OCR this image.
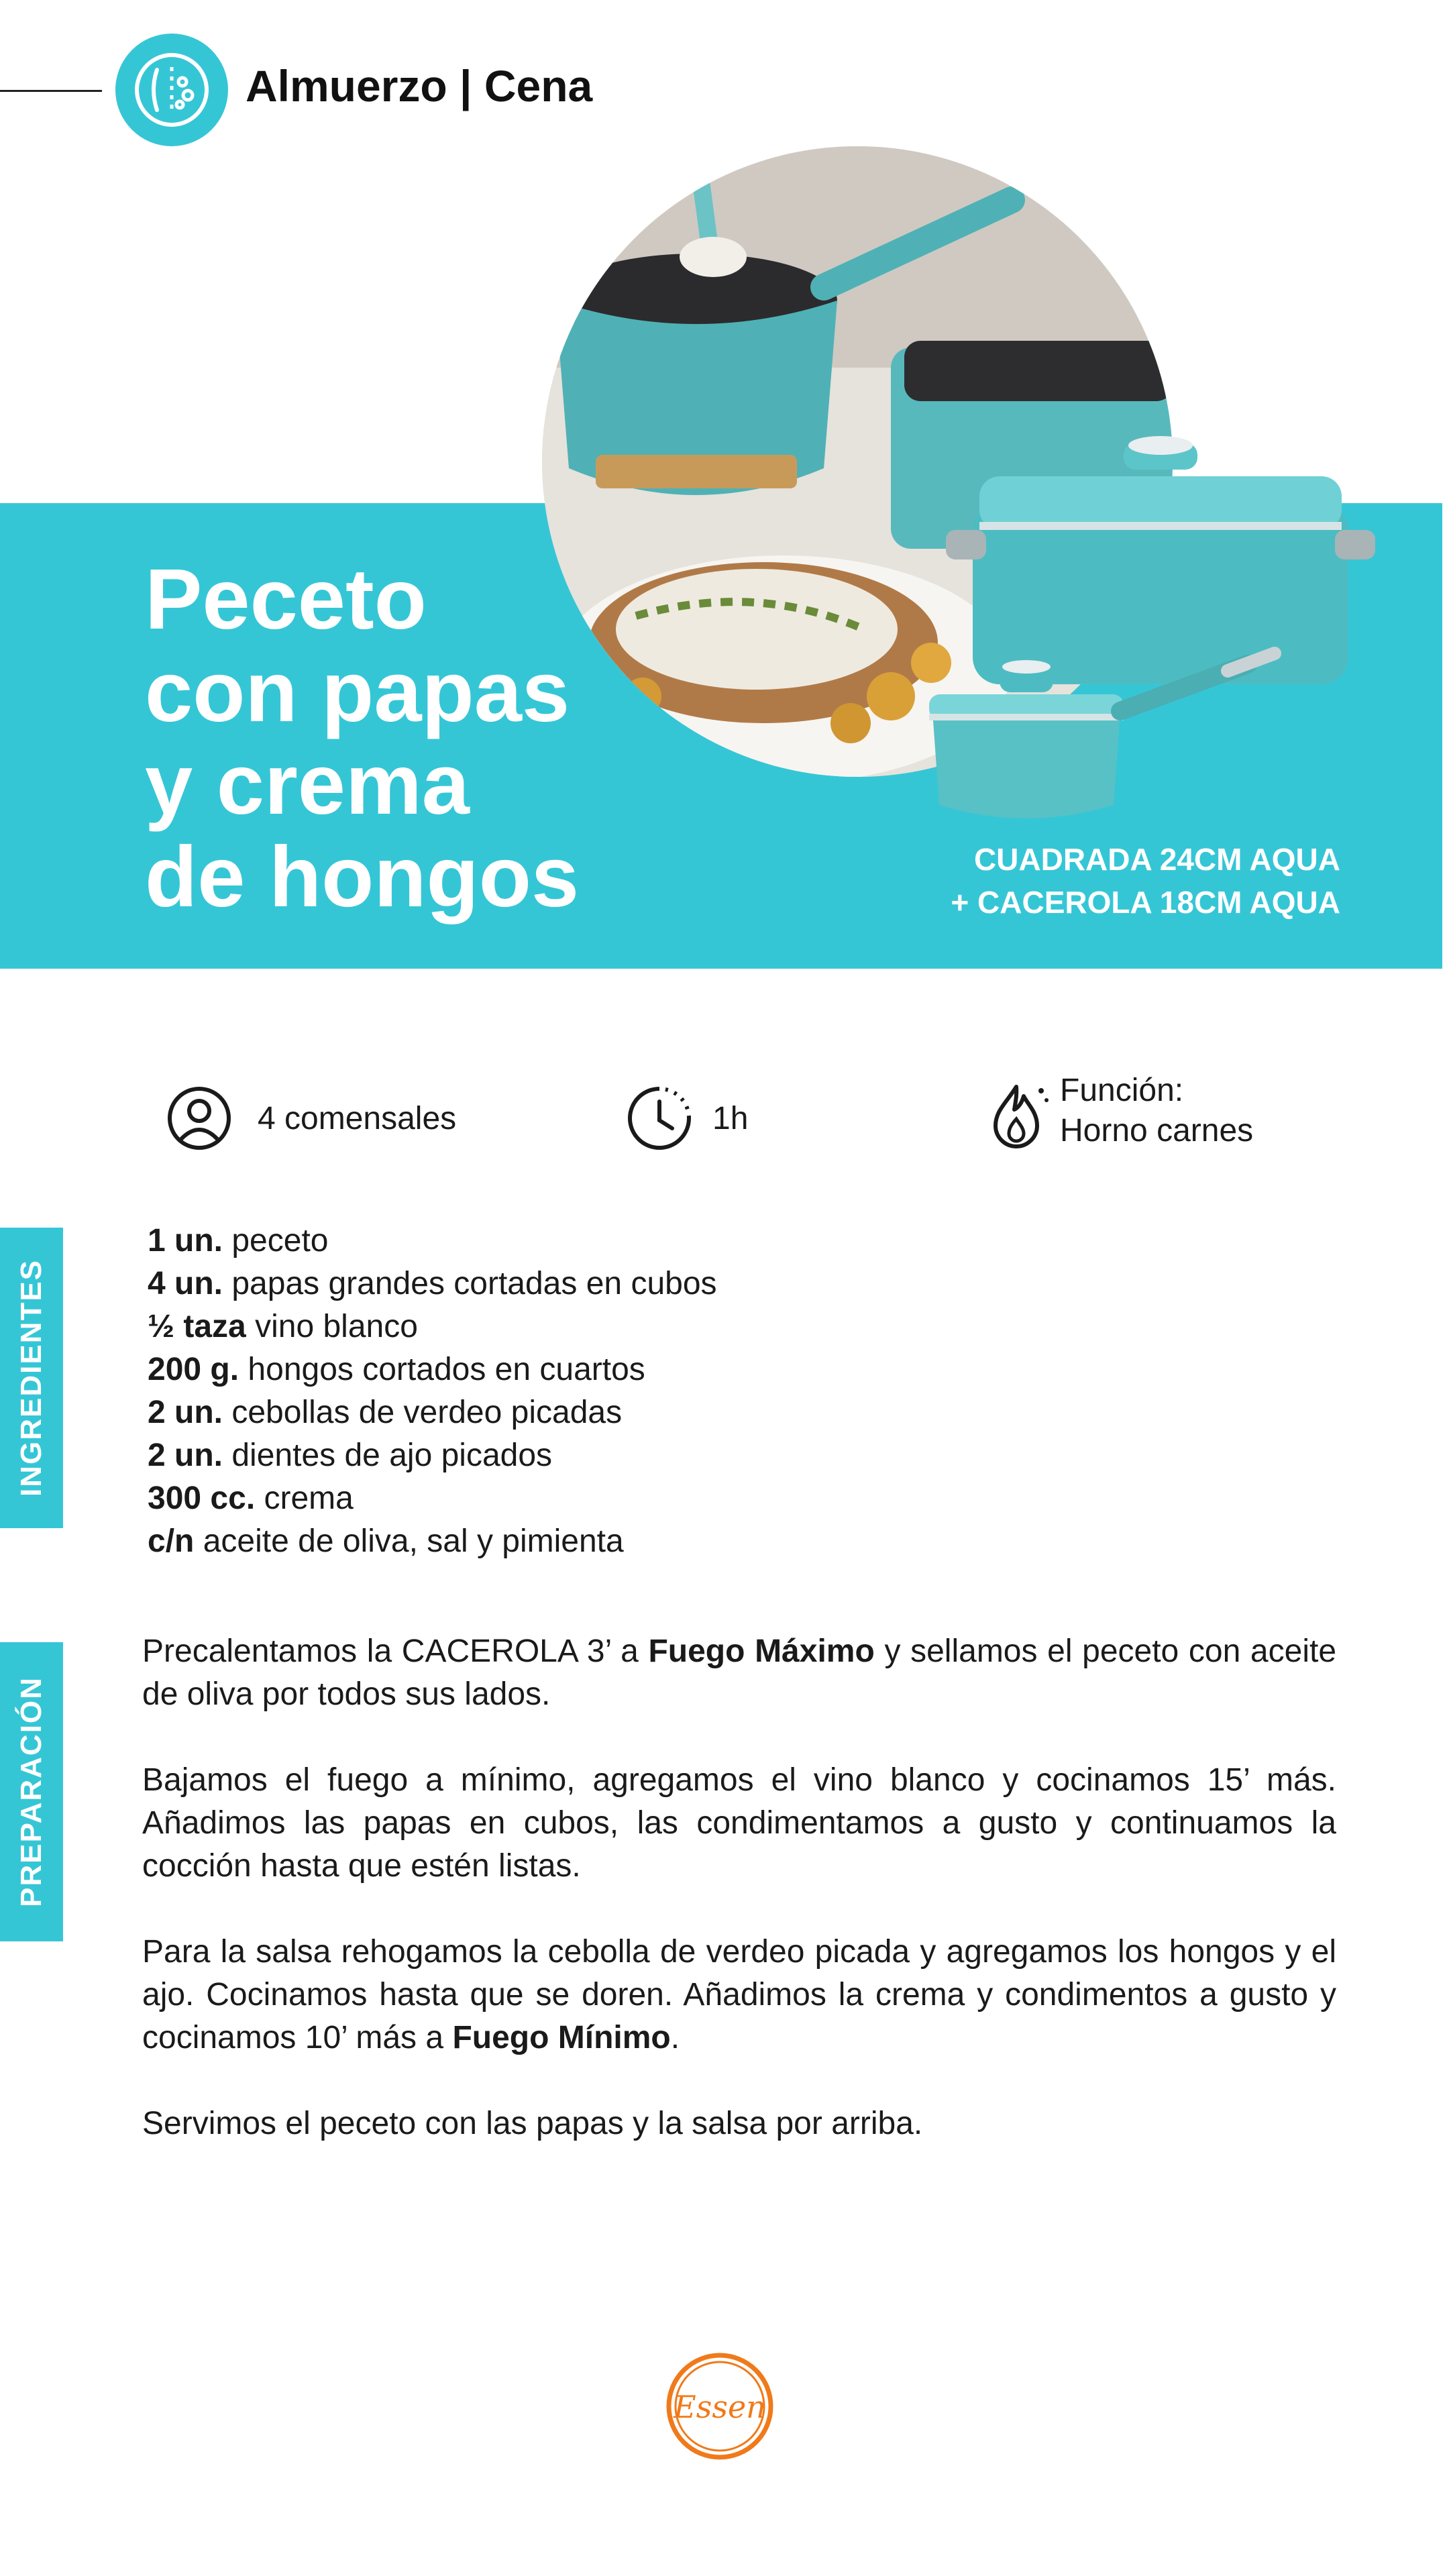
Almuerzo | Cena
Peceto
con papas
y crema
de hongos	CUADRADA 24CM AQUA
+ CACEROLA 18CM AQUA
4 comensales	1h
Función:
Horno carnes
INGREDIENTES
1 un. peceto
4 un. papas grandes cortadas en cubos
½ taza vino blanco
200 g. hongos cortados en cuartos
2 un. cebollas de verdeo picadas
2 un. dientes de ajo picados
300 cc. crema
c/n aceite de oliva, sal y pimienta
PREPARACIÓN

Precalentamos la CACEROLA 3’ a Fuego Máximo y sellamos el peceto con aceite de oliva por todos sus lados.

Bajamos el fuego a mínimo, agregamos el vino blanco y cocinamos 15’ más. Añadimos las papas en cubos, las condimentamos a gusto y continuamos la cocción hasta que estén listas.

Para la salsa rehogamos la cebolla de verdeo picada y agregamos los hongos y el ajo. Cocinamos hasta que se doren. Añadimos la crema y condimentos a gusto y cocinamos 10’ más a Fuego Mínimo.

Servimos el peceto con las papas y la salsa por arriba.

Essen
